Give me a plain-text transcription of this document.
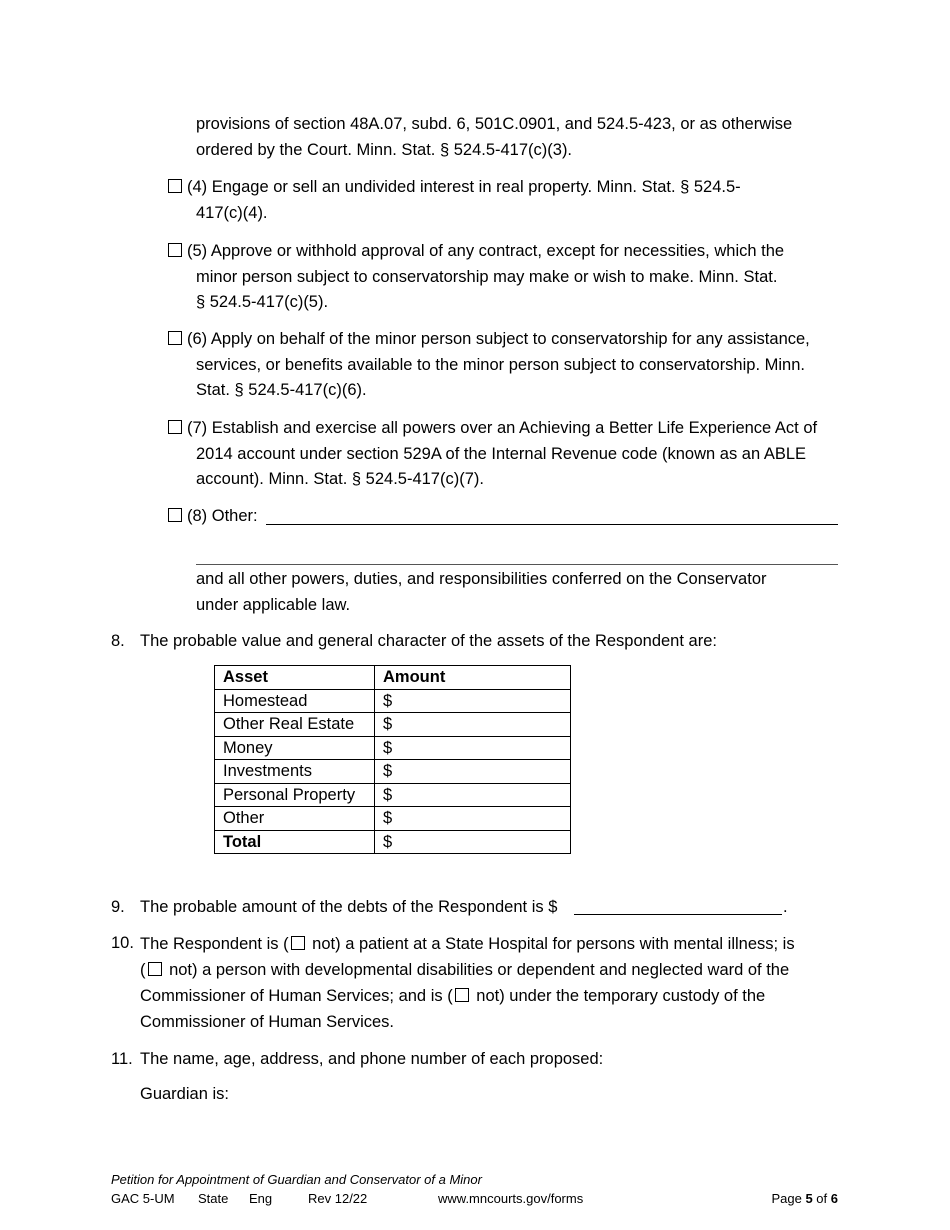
provisions of section 48A.07, subd. 6, 501C.0901, and 524.5-423, or as otherwise
ordered by the Court. Minn. Stat. § 524.5-417(c)(3).
(4) Engage or sell an undivided interest in real property. Minn. Stat. § 524.5-
417(c)(4).
(5) Approve or withhold approval of any contract, except for necessities, which the
minor person subject to conservatorship may make or wish to make. Minn. Stat.
§ 524.5-417(c)(5).
(6) Apply on behalf of the minor person subject to conservatorship for any assistance,
services, or benefits available to the minor person subject to conservatorship. Minn.
Stat. § 524.5-417(c)(6).
(7) Establish and exercise all powers over an Achieving a Better Life Experience Act of
2014 account under section 529A of the Internal Revenue code (known as an ABLE
account). Minn. Stat. § 524.5-417(c)(7).
(8) Other:
and all other powers, duties, and responsibilities conferred on the Conservator
under applicable law.
8. The probable value and general character of the assets of the Respondent are:
Asset	Amount
Homestead	$
Other Real Estate	$
Money	$
Investments	$
Personal Property	$
Other	$
Total	$
9. The probable amount of the debts of the Respondent is $	.
10. The Respondent is ( not) a patient at a State Hospital for persons with mental illness; is
( not) a person with developmental disabilities or dependent and neglected ward of the
Commissioner of Human Services; and is ( not) under the temporary custody of the
Commissioner of Human Services.
11. The name, age, address, and phone number of each proposed:
Guardian is:
Petition for Appointment of Guardian and Conservator of a Minor
GAC 5-UM State Eng	Rev 12/22	www.mncourts.gov/forms	Page 5 of 6
